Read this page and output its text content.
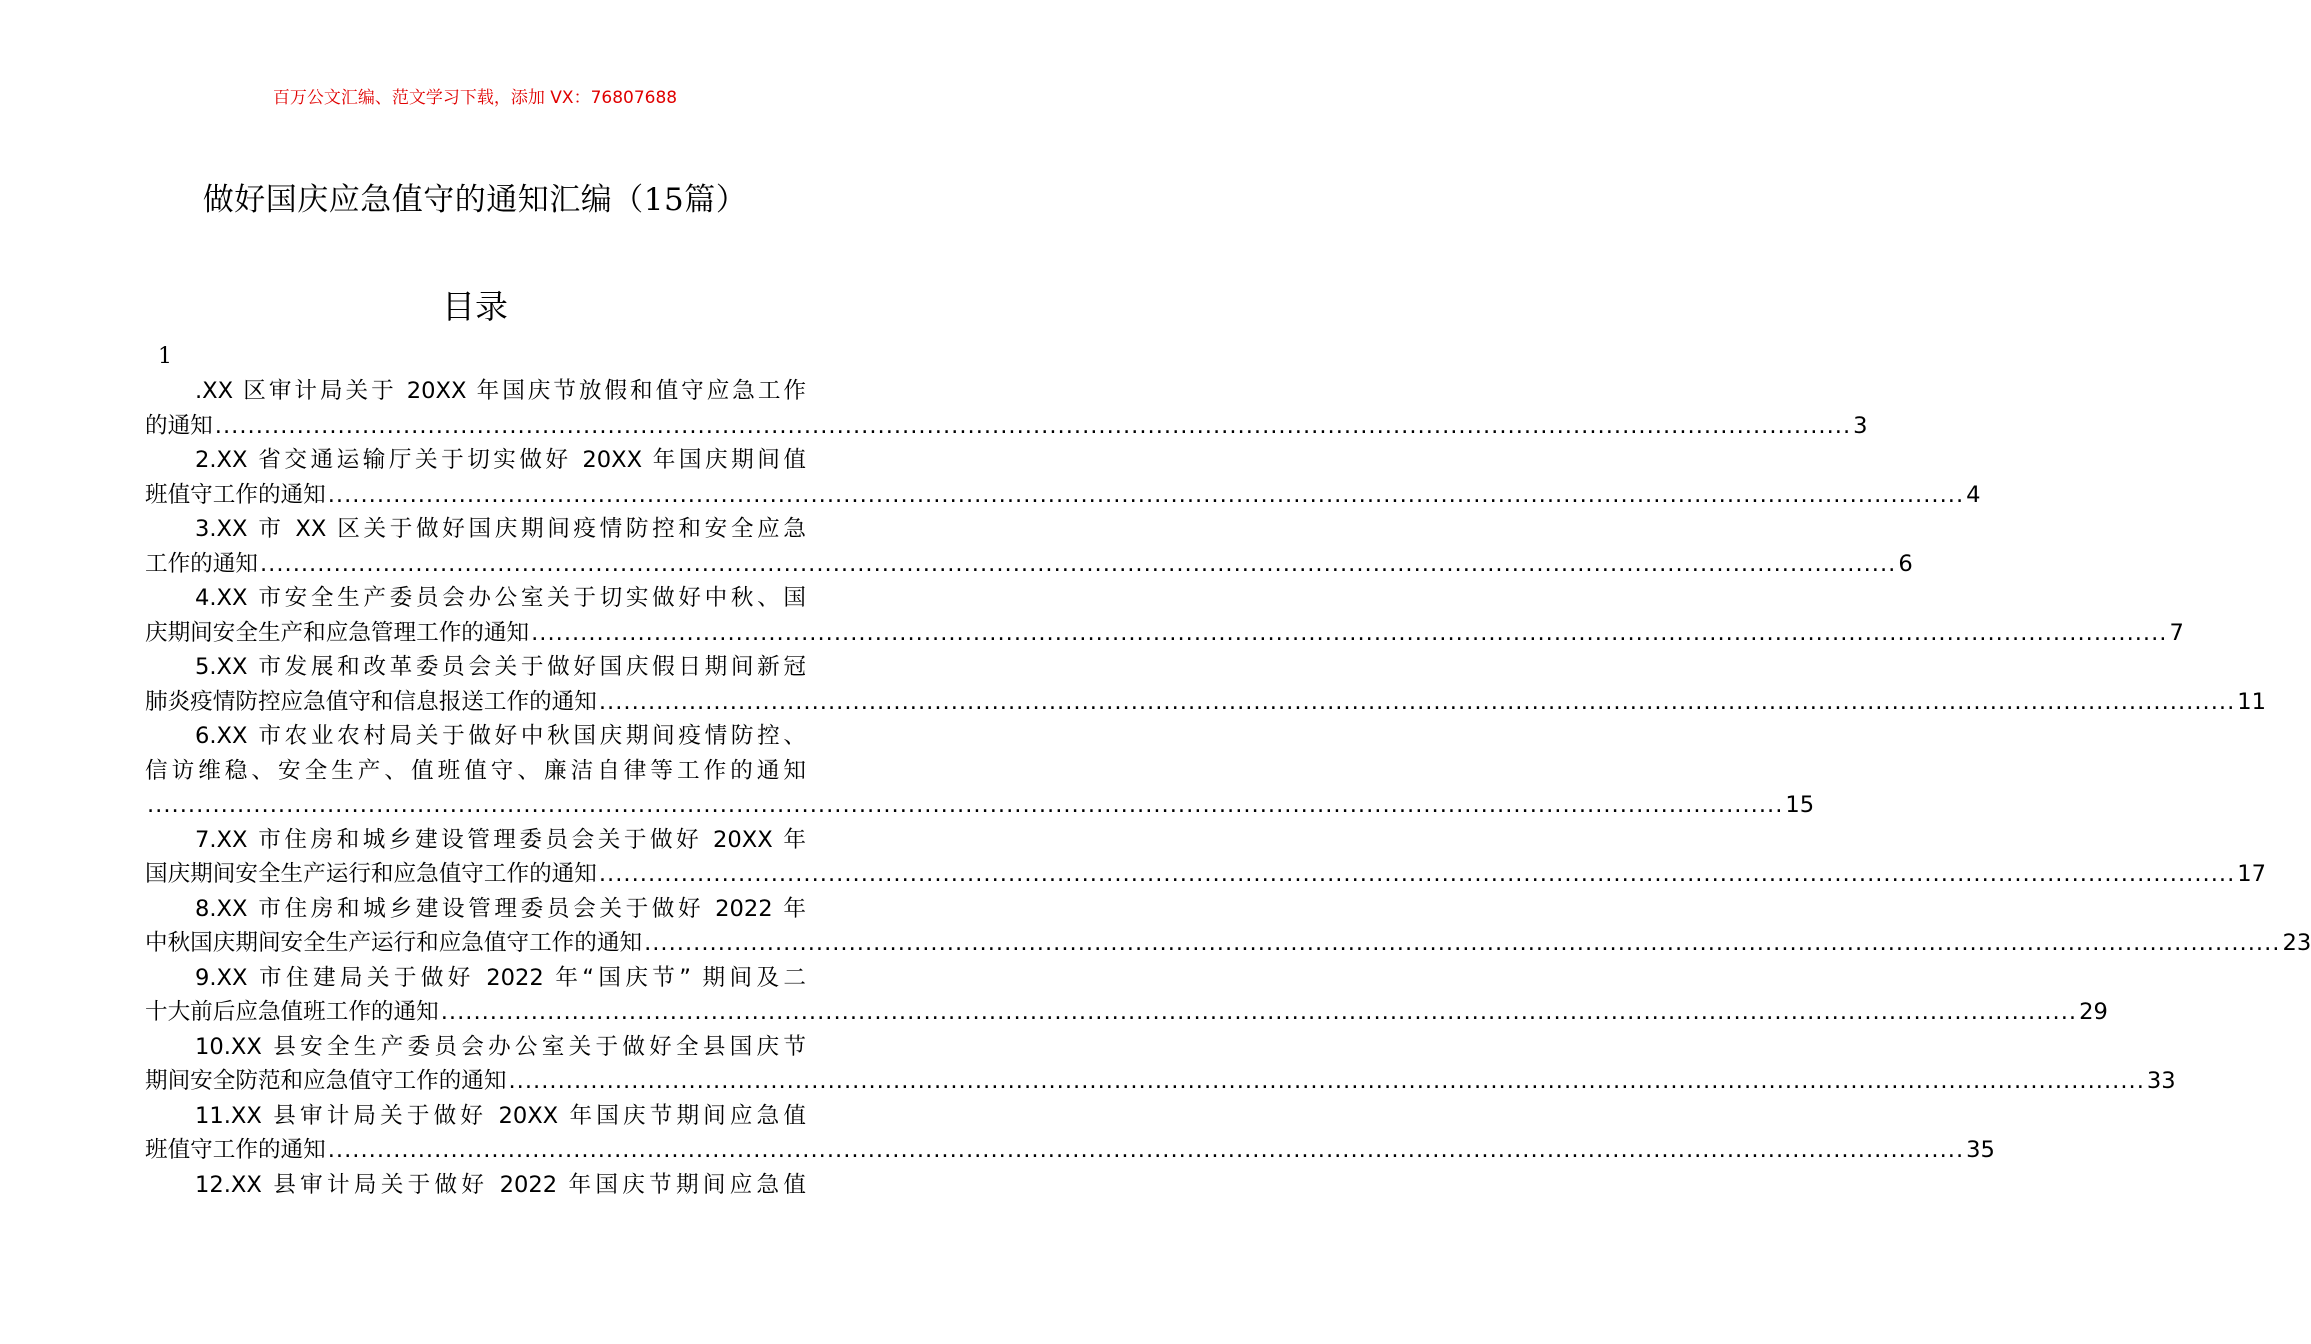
百万公文汇编、范文学习下载，添加 VX：76807688
做好国庆应急值守的通知汇编（15篇）
目录
1
.XX 区审计局关于 20XX 年国庆节放假和值守应急工作
的通知 ........................................................................................................................................................................................................ 3
2.XX 省交通运输厅关于切实做好 20XX 年国庆期间值
班值守工作的通知 ........................................................................................................................................................................................................ 4
3.XX 市 XX 区关于做好国庆期间疫情防控和安全应急
工作的通知 ........................................................................................................................................................................................................ 6
4.XX 市安全生产委员会办公室关于切实做好中秋、国
庆期间安全生产和应急管理工作的通知 ........................................................................................................................................................................................................ 7
5.XX 市发展和改革委员会关于做好国庆假日期间新冠
肺炎疫情防控应急值守和信息报送工作的通知 ........................................................................................................................................................................................................ 11
6.XX 市农业农村局关于做好中秋国庆期间疫情防控、
信访维稳、安全生产、值班值守、廉洁自律等工作的通知
........................................................................................................................................................................................................ 15
7.XX 市住房和城乡建设管理委员会关于做好 20XX 年
国庆期间安全生产运行和应急值守工作的通知 ........................................................................................................................................................................................................ 17
8.XX 市住房和城乡建设管理委员会关于做好 2022 年
中秋国庆期间安全生产运行和应急值守工作的通知 ........................................................................................................................................................................................................ 23
9.XX 市住建局关于做好 2022 年“国庆节” 期间及二
十大前后应急值班工作的通知 ........................................................................................................................................................................................................ 29
10.XX 县安全生产委员会办公室关于做好全县国庆节
期间安全防范和应急值守工作的通知 ........................................................................................................................................................................................................ 33
11.XX 县审计局关于做好 20XX 年国庆节期间应急值
班值守工作的通知 ........................................................................................................................................................................................................ 35
12.XX 县审计局关于做好 2022 年国庆节期间应急值
